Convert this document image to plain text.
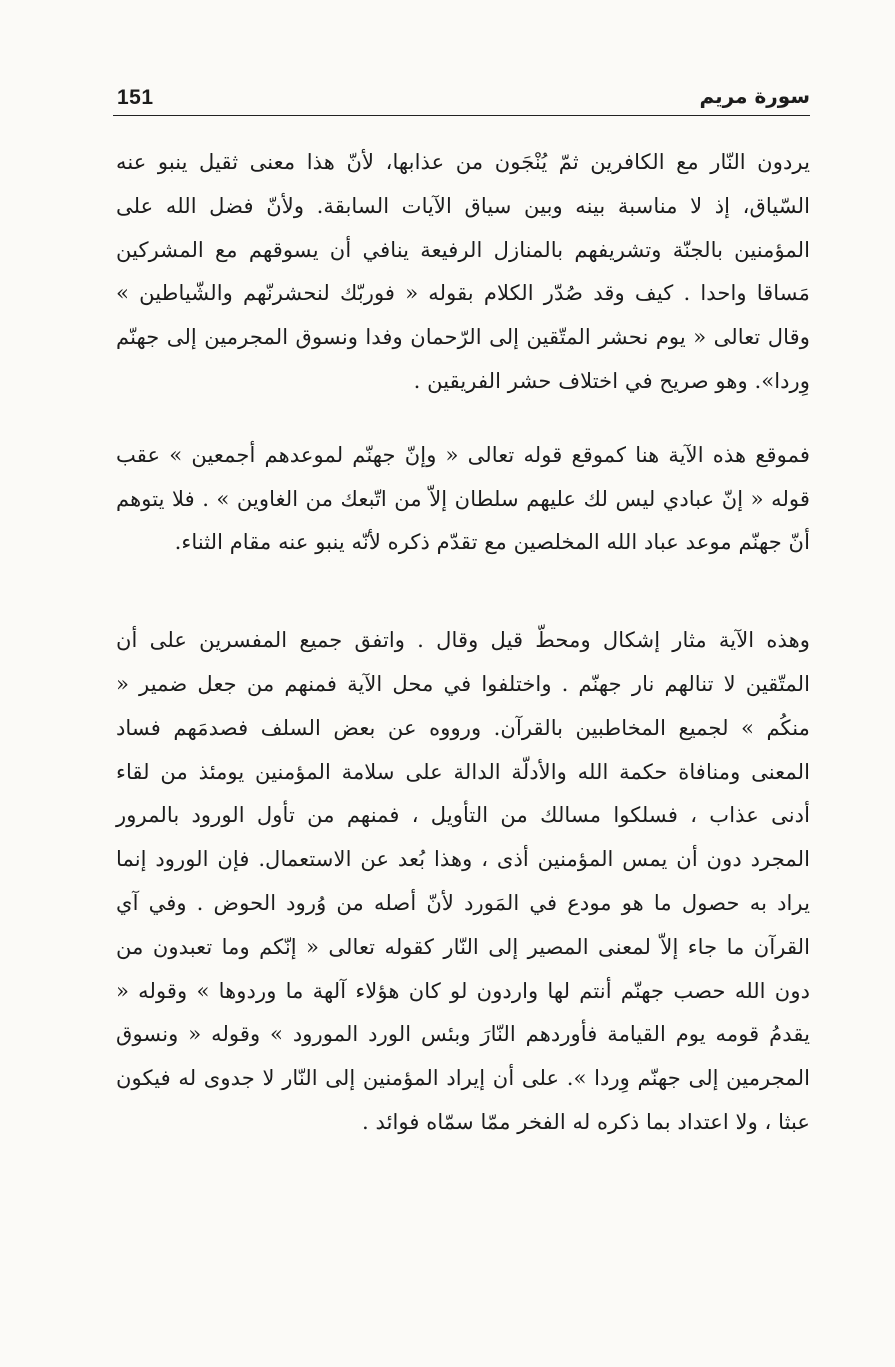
151	سورة مريم

يردون النّار مع الكافرين ثمّ يُنْجَون من عذابها، لأنّ هذا معنى ثقيل ينبو عنه السّياق، إذ لا مناسبة بينه وبين سياق الآيات السابقة. ولأنّ فضل الله على المؤمنين بالجنّة وتشريفهم بالمنازل الرفيعة ينافي أن يسوقهم مع المشركين مَساقا واحدا . كيف وقد صُدّر الكلام بقوله « فوربّك لنحشرنّهم والشّياطين » وقال تعالى « يوم نحشر المتّقين إلى الرّحمان وفدا ونسوق المجرمين إلى جهنّم وِردا». وهو صريح في اختلاف حشر الفريقين .

فموقع هذه الآية هنا كموقع قوله تعالى « وإنّ جهنّم لموعدهم أجمعين » عقب قوله « إنّ عبادي ليس لك عليهم سلطان إلاّ من اتّبعك من الغاوين » . فلا يتوهم أنّ جهنّم موعد عباد الله المخلصين مع تقدّم ذكره لأنّه ينبو عنه مقام الثناء.

وهذه الآية مثار إشكال ومحطّ قيل وقال . واتفق جميع المفسرين على أن المتّقين لا تنالهم نار جهنّم . واختلفوا في محل الآية فمنهم من جعل ضمير « منكُم » لجميع المخاطبين بالقرآن. ورووه عن بعض السلف فصدمَهم فساد المعنى ومنافاة حكمة الله والأدلّة الدالة على سلامة المؤمنين يومئذ من لقاء أدنى عذاب ، فسلكوا مسالك من التأويل ، فمنهم من تأول الورود بالمرور المجرد دون أن يمس المؤمنين أذى ، وهذا بُعد عن الاستعمال. فإن الورود إنما يراد به حصول ما هو مودع في المَورد لأنّ أصله من وُرود الحوض . وفي آي القرآن ما جاء إلاّ لمعنى المصير إلى النّار كقوله تعالى « إنّكم وما تعبدون من دون الله حصب جهنّم أنتم لها واردون لو كان هؤلاء آلهة ما وردوها » وقوله « يقدمُ قومه يوم القيامة فأوردهم النّارَ وبئس الورد المورود » وقوله « ونسوق المجرمين إلى جهنّم وِردا ». على أن إيراد المؤمنين إلى النّار لا جدوى له فيكون عبثا ، ولا اعتداد بما ذكره له الفخر ممّا سمّاه فوائد .
